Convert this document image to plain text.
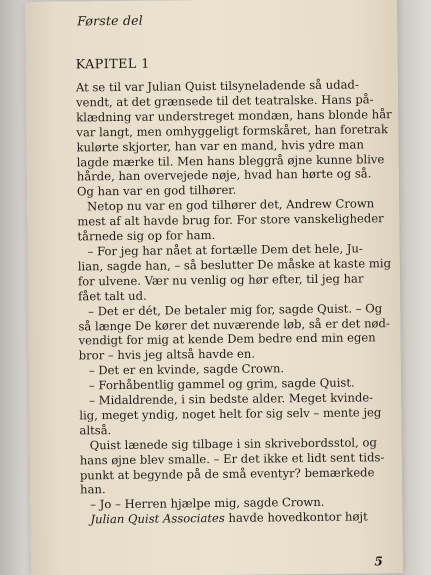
Første del
KAPITEL 1

At se til var Julian Quist tilsyneladende så udad-

vendt, at det grænsede til det teatralske. Hans på-

klædning var understreget mondæn, hans blonde hår

var langt, men omhyggeligt formskåret, han foretrak

kulørte skjorter, han var en mand, hvis ydre man

lagde mærke til. Men hans bleggrå øjne kunne blive

hårde, han overvejede nøje, hvad han hørte og så.

Og han var en god tilhører.

Netop nu var en god tilhører det, Andrew Crown

mest af alt havde brug for. For store vanskeligheder

tårnede sig op for ham.

– For jeg har nået at fortælle Dem det hele, Ju-

lian, sagde han, – så beslutter De måske at kaste mig

for ulvene. Vær nu venlig og hør efter, til jeg har

fået talt ud.

– Det er dét, De betaler mig for, sagde Quist. – Og

så længe De kører det nuværende løb, så er det nød-

vendigt for mig at kende Dem bedre end min egen

bror – hvis jeg altså havde en.

– Det er en kvinde, sagde Crown.

– Forhåbentlig gammel og grim, sagde Quist.

– Midaldrende, i sin bedste alder. Meget kvinde-

lig, meget yndig, noget helt for sig selv – mente jeg

altså.

Quist lænede sig tilbage i sin skrivebordsstol, og

hans øjne blev smalle. – Er det ikke et lidt sent tids-

punkt at begynde på de små eventyr? bemærkede

han.

– Jo – Herren hjælpe mig, sagde Crown.

Julian Quist Associates havde hovedkontor højt

5
